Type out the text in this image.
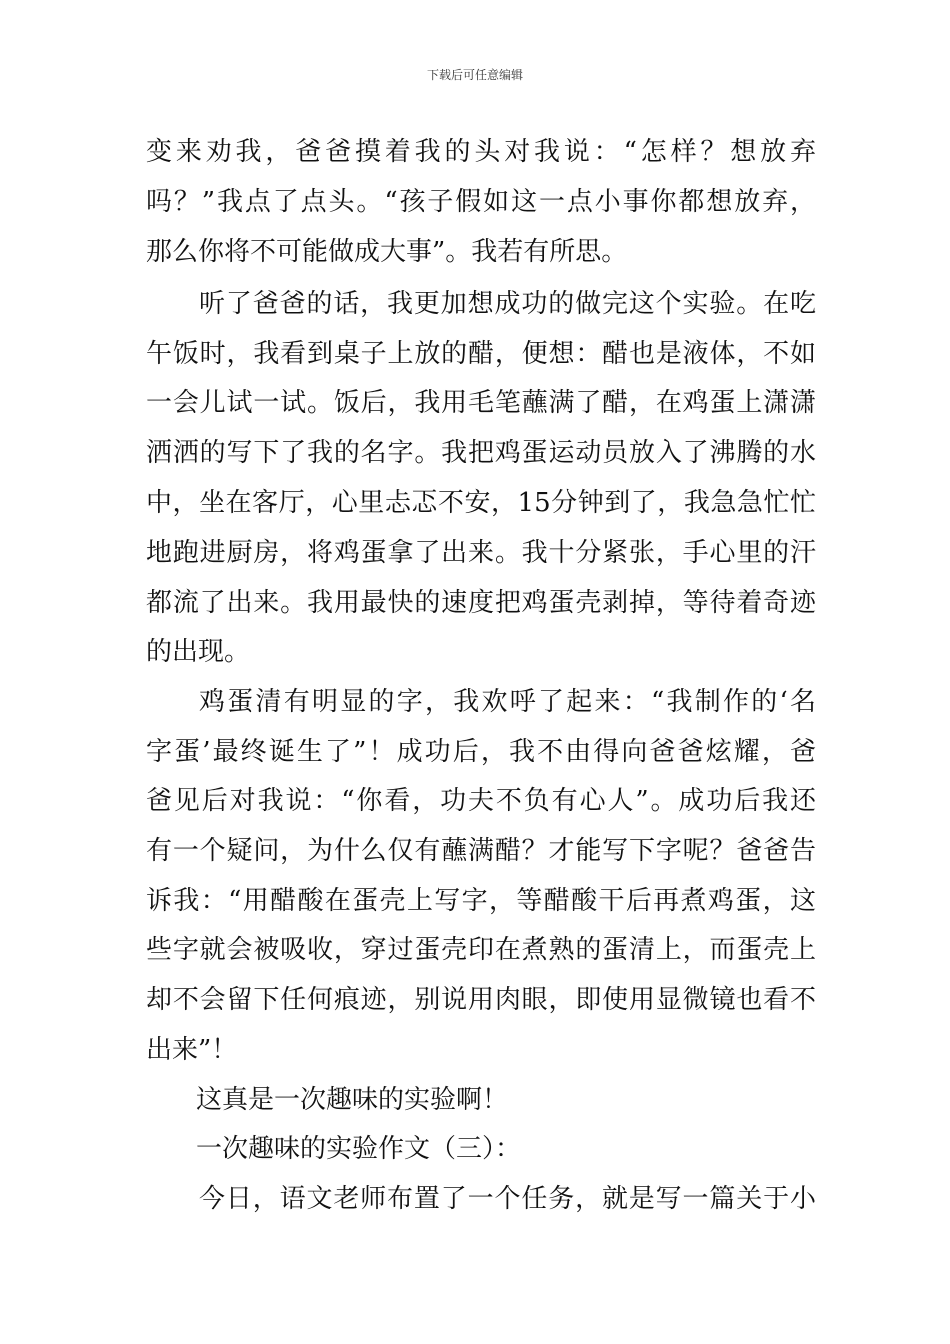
下载后可任意编辑
变来劝我，爸爸摸着我的头对我说：“怎样？想放弃
吗？”我点了点头。“孩子假如这一点小事你都想放弃，
那么你将不可能做成大事”。我若有所思。
听了爸爸的话，我更加想成功的做完这个实验。在吃
午饭时，我看到桌子上放的醋，便想：醋也是液体，不如
一会儿试一试。饭后，我用毛笔蘸满了醋，在鸡蛋上潇潇
洒洒的写下了我的名字。我把鸡蛋运动员放入了沸腾的水
中，坐在客厅，心里忐忑不安，15分钟到了，我急急忙忙
地跑进厨房，将鸡蛋拿了出来。我十分紧张，手心里的汗
都流了出来。我用最快的速度把鸡蛋壳剥掉，等待着奇迹
的出现。
鸡蛋清有明显的字，我欢呼了起来：“我制作的‘名
字蛋’最终诞生了”！成功后，我不由得向爸爸炫耀，爸
爸见后对我说：“你看，功夫不负有心人”。成功后我还
有一个疑问，为什么仅有蘸满醋？才能写下字呢？爸爸告
诉我：“用醋酸在蛋壳上写字，等醋酸干后再煮鸡蛋，这
些字就会被吸收，穿过蛋壳印在煮熟的蛋清上，而蛋壳上
却不会留下任何痕迹，别说用肉眼，即使用显微镜也看不
出来”！
这真是一次趣味的实验啊！
一次趣味的实验作文（三）：
今日，语文老师布置了一个任务，就是写一篇关于小
